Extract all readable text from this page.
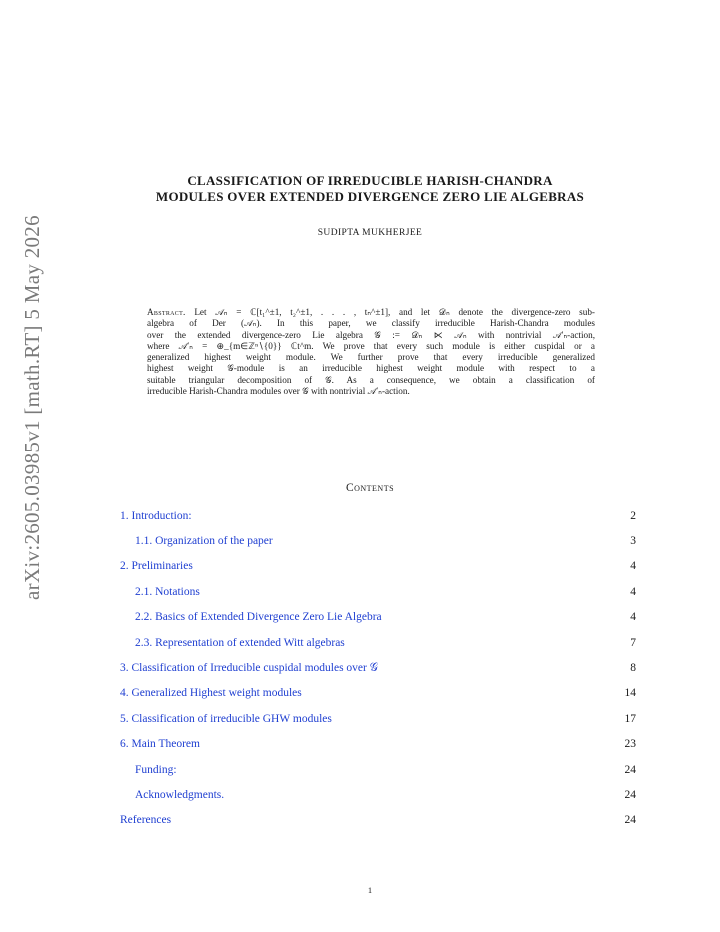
arXiv:2605.03985v1 [math.RT] 5 May 2026
CLASSIFICATION OF IRREDUCIBLE HARISH-CHANDRA
MODULES OVER EXTENDED DIVERGENCE ZERO LIE ALGEBRAS
SUDIPTA MUKHERJEE
Abstract. Let 𝒜ₙ = ℂ[t₁^±1, t₂^±1, . . . , tₙ^±1], and let 𝒟ₙ denote the divergence-zero sub-
algebra of Der (𝒜ₙ). In this paper, we classify irreducible Harish-Chandra modules
over the extended divergence-zero Lie algebra 𝒢 := 𝒟ₙ ⋉ 𝒜ₙ with nontrivial 𝒜′ₙ-action,
where 𝒜′ₙ = ⊕_{m∈ℤⁿ∖{0}} ℂt^m. We prove that every such module is either cuspidal or a
generalized highest weight module. We further prove that every irreducible generalized
highest weight 𝒢-module is an irreducible highest weight module with respect to a
suitable triangular decomposition of 𝒢. As a consequence, we obtain a classification of
irreducible Harish-Chandra modules over 𝒢 with nontrivial 𝒜′ₙ-action.
Contents
1. Introduction:	2
1.1. Organization of the paper	3
2. Preliminaries	4
2.1. Notations	4
2.2. Basics of Extended Divergence Zero Lie Algebra	4
2.3. Representation of extended Witt algebras	7
3. Classification of Irreducible cuspidal modules over 𝒢	8
4. Generalized Highest weight modules	14
5. Classification of irreducible GHW modules	17
6. Main Theorem	23
Funding:	24
Acknowledgments.	24
References	24
1
